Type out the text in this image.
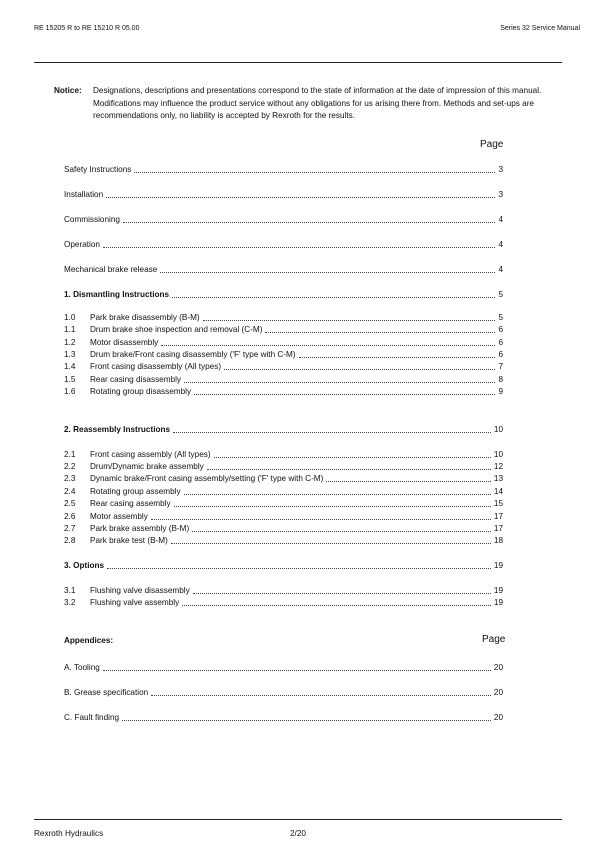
RE 15205 R to RE 15210 R 05.00	Series 32 Service Manual
Notice: Designations, descriptions and presentations correspond to the state of information at the date of impression of this manual. Modifications may influence the product service without any obligations for us arising there from. Methods and set-ups are recommendations only, no liability is accepted by Rexroth for the results.
Page
Safety Instructions	3
Installation	3
Commissioning	4
Operation	4
Mechanical brake release	4
1. Dismantling Instructions	5
1.0	Park brake disassembly (B-M)	5
1.1	Drum brake shoe inspection and removal (C-M)	6
1.2	Motor disassembly	6
1.3	Drum brake/Front casing disassembly ('F' type with C-M)	6
1.4	Front casing disassembly (All types)	7
1.5	Rear casing disassembly	8
1.6	Rotating group disassembly	9
2. Reassembly Instructions	10
2.1	Front casing assembly (All types)	10
2.2	Drum/Dynamic brake assembly	12
2.3	Dynamic brake/Front casing assembly/setting ('F' type with C-M)	13
2.4	Rotating group assembly	14
2.5	Rear casing assembly	15
2.6	Motor assembly	17
2.7	Park brake assembly (B-M)	17
2.8	Park brake test (B-M)	18
3. Options	19
3.1	Flushing valve disassembly	19
3.2	Flushing valve assembly	19
Appendices:	Page
A. Tooling	20
B. Grease specification	20
C. Fault finding	20
Rexroth Hydraulics	2/20
